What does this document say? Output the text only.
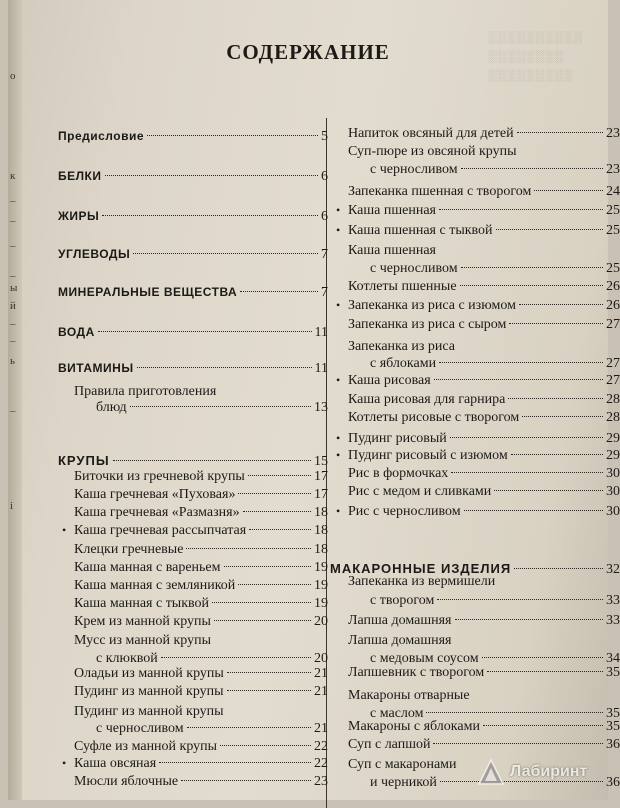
о
к
–
–
–
–
ы
й
–
–
ь
–
і
░░░░░░░░░░
░░░░░░░░
░░░░░░░░░
СОДЕРЖАНИЕ
Предисловие	5
БЕЛКИ	6
ЖИРЫ	6
УГЛЕВОДЫ	7
МИНЕРАЛЬНЫЕ ВЕЩЕСТВА	7
ВОДА	11
ВИТАМИНЫ	11
Правила приготовления
блюд	13
КРУПЫ	15
Биточки из гречневой крупы	17
Каша гречневая «Пуховая»	17
Каша гречневая «Размазня»	18
Каша гречневая рассыпчатая	18
•
Клецки гречневые	18
Каша манная с вареньем	19
Каша манная с земляникой	19
Каша манная с тыквой	19
Крем из манной крупы	20
Мусс из манной крупы
с клюквой	20
Оладьи из манной крупы	21
Пудинг из манной крупы	21
Пудинг из манной крупы
с черносливом	21
Суфле из манной крупы	22
Каша овсяная	22
•
Мюсли яблочные	23
Напиток овсяный для детей	23
Суп-пюре из овсяной крупы
с черносливом	23
Запеканка пшенная с творогом	24
Каша пшенная	25
•
Каша пшенная с тыквой	25
•
Каша пшенная
с черносливом	25
Котлеты пшенные	26
Запеканка из риса с изюмом	26
•
Запеканка из риса с сыром	27
Запеканка из риса
с яблоками	27
Каша рисовая	27
•
Каша рисовая для гарнира	28
Котлеты рисовые с творогом	28
Пудинг рисовый	29
•
Пудинг рисовый с изюмом	29
•
Рис в формочках	30
Рис с медом и сливками	30
Рис с черносливом	30
•
МАКАРОННЫЕ ИЗДЕЛИЯ	32
Запеканка из вермишели
с творогом	33
Лапша домашняя	33
Лапша домашняя
с медовым соусом	34
Лапшевник с творогом	35
Макароны отварные
с маслом	35
Макароны с яблоками	35
Суп с лапшой	36
Суп с макаронами
и черникой	36
Лабиринт
